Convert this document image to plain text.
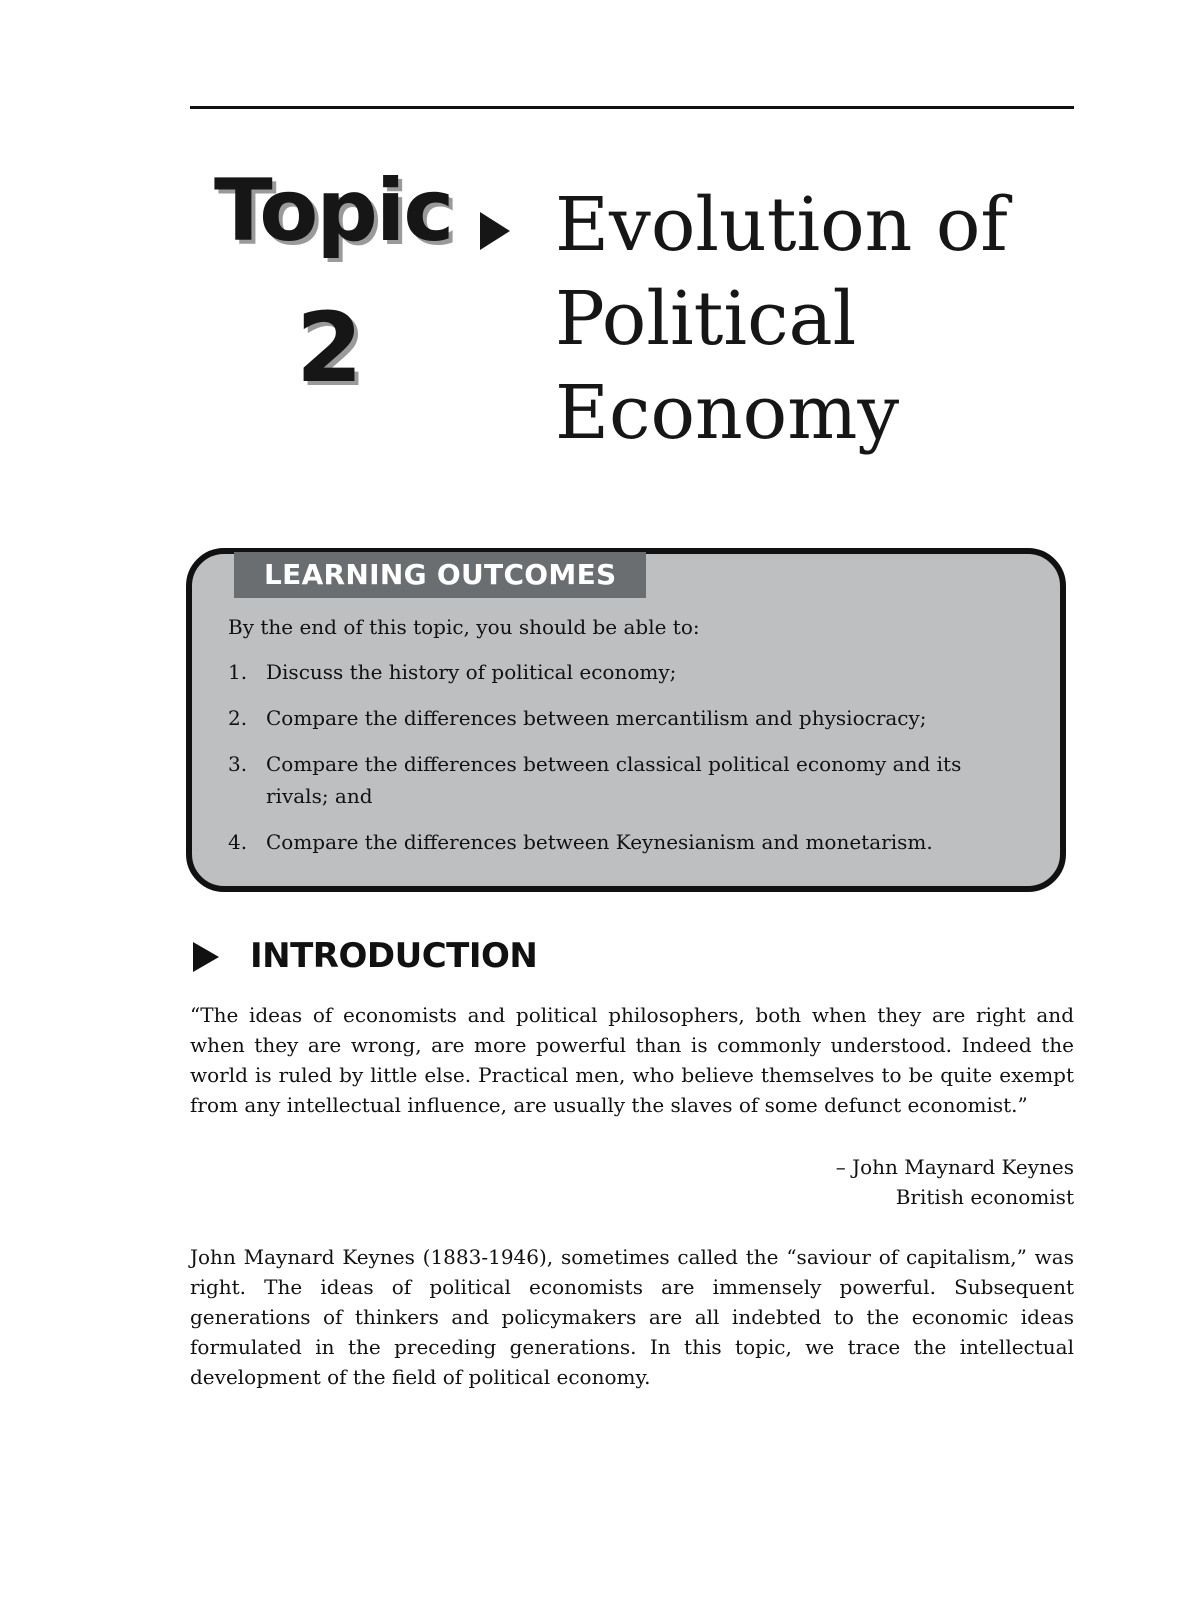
Topic
2
Evolution of
Political
Economy
LEARNING OUTCOMES
By the end of this topic, you should be able to:
1. Discuss the history of political economy;
2. Compare the differences between mercantilism and physiocracy;
3. Compare the differences between classical political economy and its rivals; and
4. Compare the differences between Keynesianism and monetarism.
INTRODUCTION
“The ideas of economists and political philosophers, both when they are right and when they are wrong, are more powerful than is commonly understood. Indeed the world is ruled by little else. Practical men, who believe themselves to be quite exempt from any intellectual influence, are usually the slaves of some defunct economist.”
– John Maynard Keynes
British economist
John Maynard Keynes (1883-1946), sometimes called the “saviour of capitalism,” was right. The ideas of political economists are immensely powerful. Subsequent generations of thinkers and policymakers are all indebted to the economic ideas formulated in the preceding generations. In this topic, we trace the intellectual development of the field of political economy.
